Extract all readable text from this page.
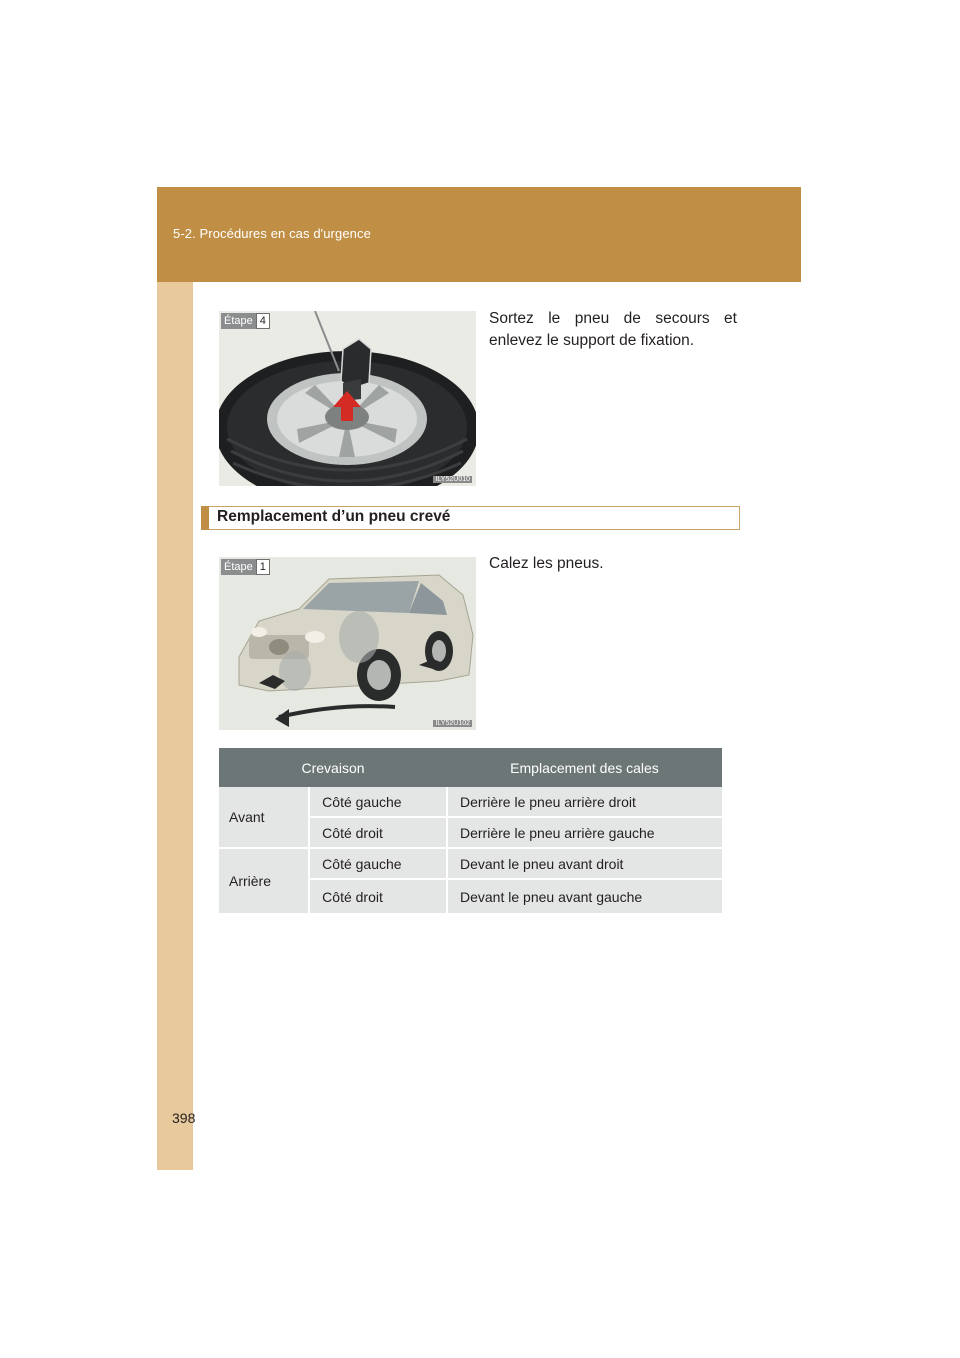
5-2. Procédures en cas d'urgence
Étape 4
ILY52U010
Sortez le pneu de secours et enlevez le support de fixation.
Remplacement d’un pneu crevé
Étape 1
ILY52U102
Calez les pneus.
Crevaison		Emplacement des cales
Avant	Côté gauche	Derrière le pneu arrière droit
	Côté droit	Derrière le pneu arrière gauche
Arrière	Côté gauche	Devant le pneu avant droit
	Côté droit	Devant le pneu avant gauche
398
